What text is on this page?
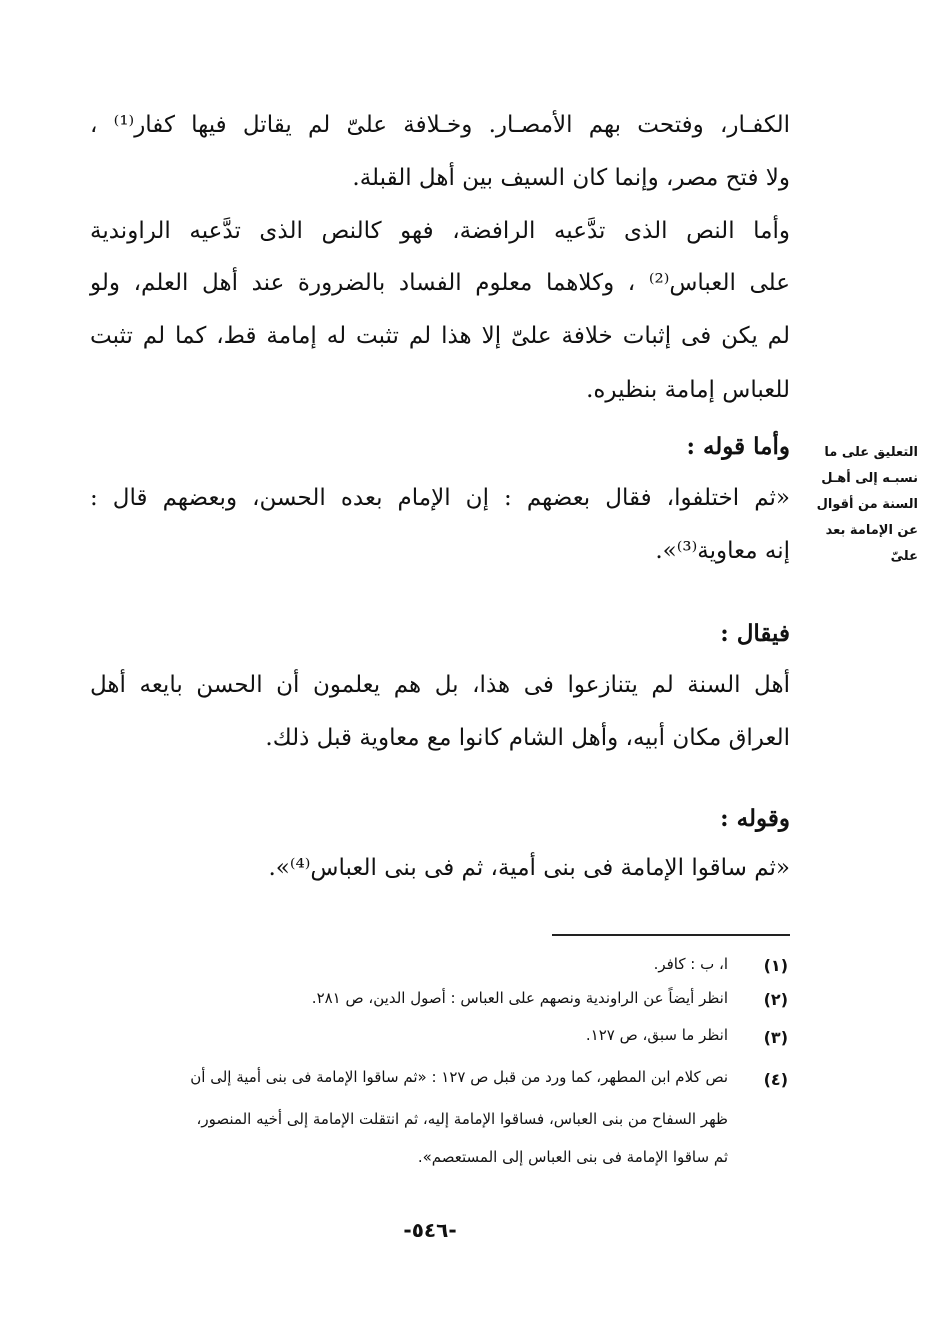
الكفـار، وفتحت بهم الأمصـار. وخـلافة علىّ لم يقاتل فيها كفار⁽¹⁾ ،
ولا فتح مصر، وإنما كان السيف بين أهل القبلة.
وأما النص الذى تدَّعيه الرافضة، فهو كالنص الذى تدَّعيه الراوندية
على العباس⁽²⁾ ، وكلاهما معلوم الفساد بالضرورة عند أهل العلم، ولو
لم يكن فى إثبات خلافة علىّ إلا هذا لم تثبت له إمامة قط، كما لم تثبت
للعباس إمامة بنظيره.
وأما قوله :
«ثم اختلفوا، فقال بعضهم : إن الإمام بعده الحسن، وبعضهم قال :
إنه معاوية⁽³⁾».
فيقال :
أهل السنة لم يتنازعوا فى هذا، بل هم يعلمون أن الحسن بايعه أهل
العراق مكان أبيه، وأهل الشام كانوا مع معاوية قبل ذلك.
وقوله :
«ثم ساقوا الإمامة فى بنى أمية، ثم فى بنى العباس⁽⁴⁾».
التعليق على ما
نسبـه إلى أهـل
السنة من أقوال
عن الإمامة بعد
علىّ
(١)
ا، ب : كافر.
(٢)
انظر أيضاً عن الراوندية ونصهم على العباس : أصول الدين، ص ٢٨١.
(٣)
انظر ما سبق، ص ١٢٧.
(٤)
نص كلام ابن المطهر، كما ورد من قبل ص ١٢٧ : «ثم ساقوا الإمامة فى بنى أمية إلى أن
ظهر السفاح من بنى العباس، فساقوا الإمامة إليه، ثم انتقلت الإمامة إلى أخيه المنصور،
ثم ساقوا الإمامة فى بنى العباس إلى المستعصم».
-٥٤٦-
